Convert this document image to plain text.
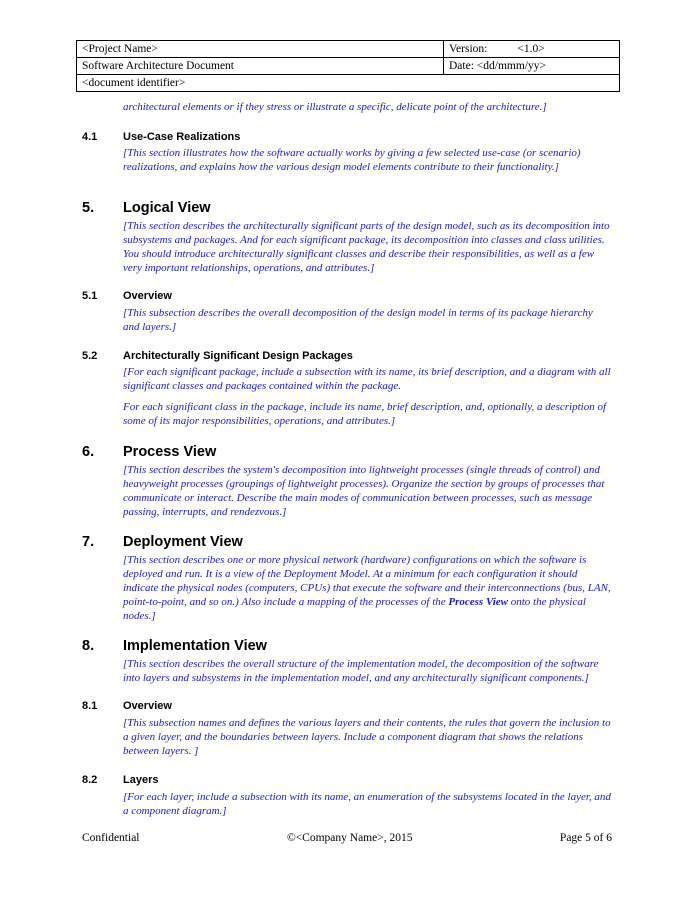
<Project Name>	Version: <1.0>
Software Architecture Document	Date: <dd/mmm/yy>
<document identifier>	

architectural elements or if they stress or illustrate a specific, delicate point of the architecture.]

4.1	Use-Case Realizations

[This section illustrates how the software actually works by giving a few selected use-case (or scenario) realizations, and explains how the various design model elements contribute to their functionality.]

5.	Logical View

[This section describes the architecturally significant parts of the design model, such as its decomposition into subsystems and packages. And for each significant package, its decomposition into classes and class utilities. You should introduce architecturally significant classes and describe their responsibilities, as well as a few very important relationships, operations, and attributes.]

5.1	Overview

[This subsection describes the overall decomposition of the design model in terms of its package hierarchy and layers.]

5.2	Architecturally Significant Design Packages

[For each significant package, include a subsection with its name, its brief description, and a diagram with all significant classes and packages contained within the package.

For each significant class in the package, include its name, brief description, and, optionally, a description of some of its major responsibilities, operations, and attributes.]

6.	Process View

[This section describes the system's decomposition into lightweight processes (single threads of control) and heavyweight processes (groupings of lightweight processes). Organize the section by groups of processes that communicate or interact. Describe the main modes of communication between processes, such as message passing, interrupts, and rendezvous.]

7.	Deployment View

[This section describes one or more physical network (hardware) configurations on which the software is deployed and run. It is a view of the Deployment Model. At a minimum for each configuration it should indicate the physical nodes (computers, CPUs) that execute the software and their interconnections (bus, LAN, point-to-point, and so on.) Also include a mapping of the processes of the Process View onto the physical nodes.]

8.	Implementation View

[This section describes the overall structure of the implementation model, the decomposition of the software into layers and subsystems in the implementation model, and any architecturally significant components.]

8.1	Overview

[This subsection names and defines the various layers and their contents, the rules that govern the inclusion to a given layer, and the boundaries between layers. Include a component diagram that shows the relations between layers. ]

8.2	Layers

[For each layer, include a subsection with its name, an enumeration of the subsystems located in the layer, and a component diagram.]

Confidential	©<Company Name>, 2015	Page 5 of 6
